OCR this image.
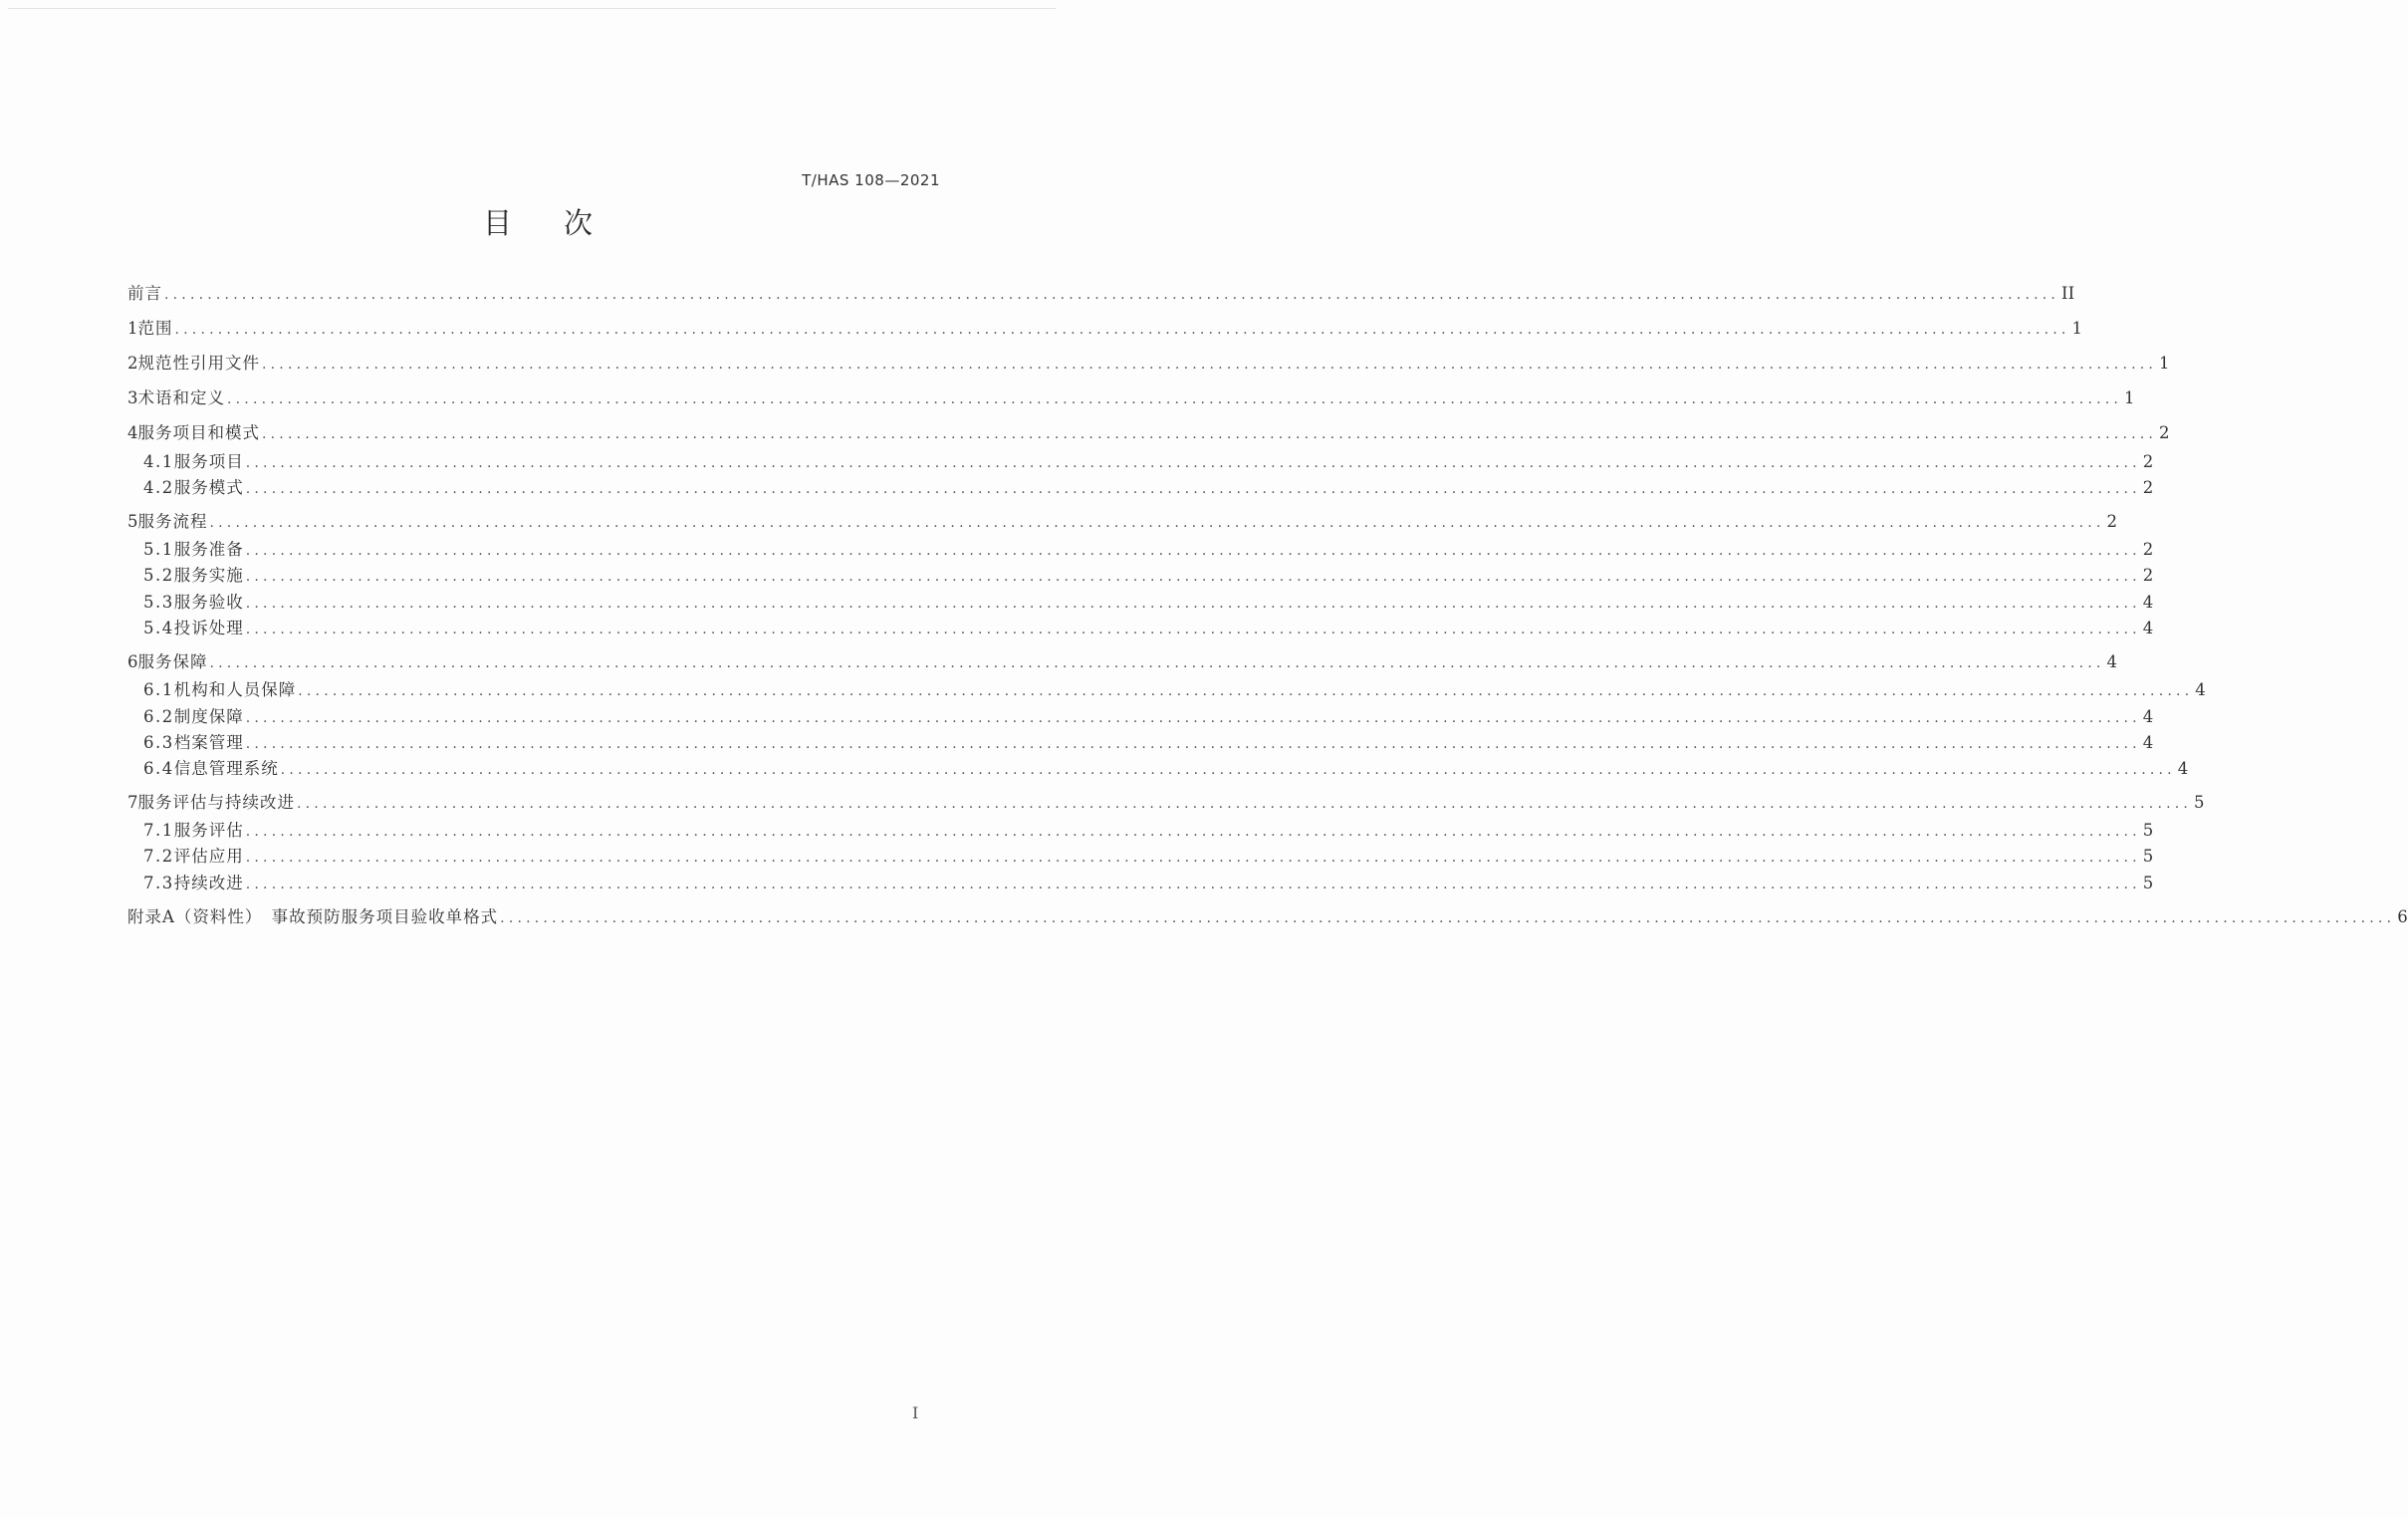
T/HAS 108—2021
目次
前言 ............................................................................................................................................................................................................................ II
1 范围 ............................................................................................................................................................................................................................ 1
2 规范性引用文件 ............................................................................................................................................................................................................................ 1
3 术语和定义 ............................................................................................................................................................................................................................ 1
4 服务项目和模式 ............................................................................................................................................................................................................................ 2
4.1 服务项目 ............................................................................................................................................................................................................................ 2
4.2 服务模式 ............................................................................................................................................................................................................................ 2
5 服务流程 ............................................................................................................................................................................................................................ 2
5.1 服务准备 ............................................................................................................................................................................................................................ 2
5.2 服务实施 ............................................................................................................................................................................................................................ 2
5.3 服务验收 ............................................................................................................................................................................................................................ 4
5.4 投诉处理 ............................................................................................................................................................................................................................ 4
6 服务保障 ............................................................................................................................................................................................................................ 4
6.1 机构和人员保障 ............................................................................................................................................................................................................................ 4
6.2 制度保障 ............................................................................................................................................................................................................................ 4
6.3 档案管理 ............................................................................................................................................................................................................................ 4
6.4 信息管理系统 ............................................................................................................................................................................................................................ 4
7 服务评估与持续改进 ............................................................................................................................................................................................................................ 5
7.1 服务评估 ............................................................................................................................................................................................................................ 5
7.2 评估应用 ............................................................................................................................................................................................................................ 5
7.3 持续改进 ............................................................................................................................................................................................................................ 5
附录A（资料性）　事故预防服务项目验收单格式 ............................................................................................................................................................................................................................ 6
I
